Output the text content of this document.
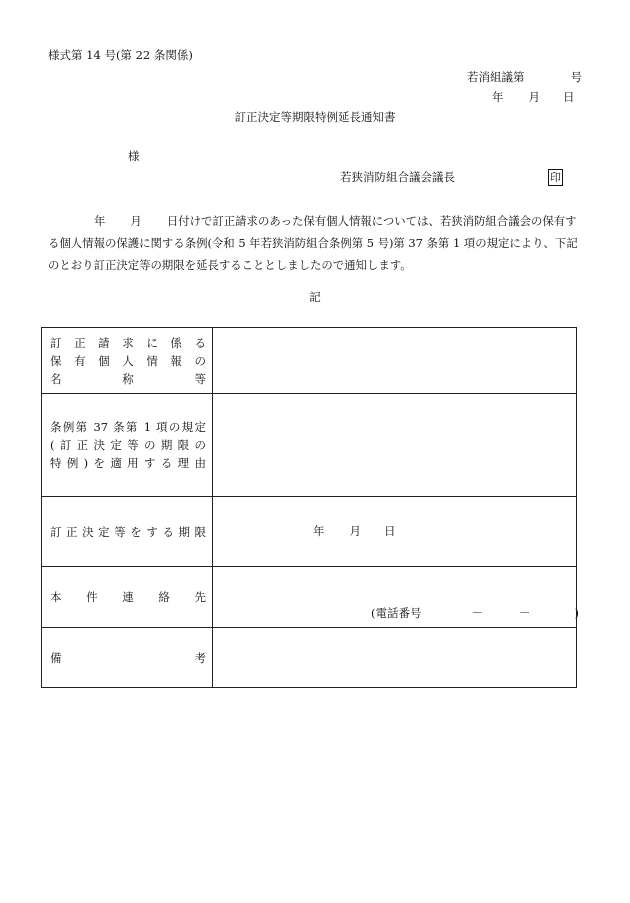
様式第 14 号(第 22 条関係)
若消組議第	号
年 月 日
訂正決定等期限特例延長通知書
様
若狭消防組合議会議長	印
年 月 日付けで訂正請求のあった保有個人情報については、若狭消防組合議会の保有する個人情報の保護に関する条例(令和 5 年若狭消防組合条例第 5 号)第 37 条第 1 項の規定により、下記のとおり訂正決定等の期限を延長することとしましたので通知します。
記
訂正請求に係る
保有個人情報の
名称等	

条例第 37 条第 1 項の規定
(訂正決定等の期限の
特例)を適用する理由	

訂正決定等をする期限	年 月 日

本件連絡先	(電話番号 － － )

備考	
